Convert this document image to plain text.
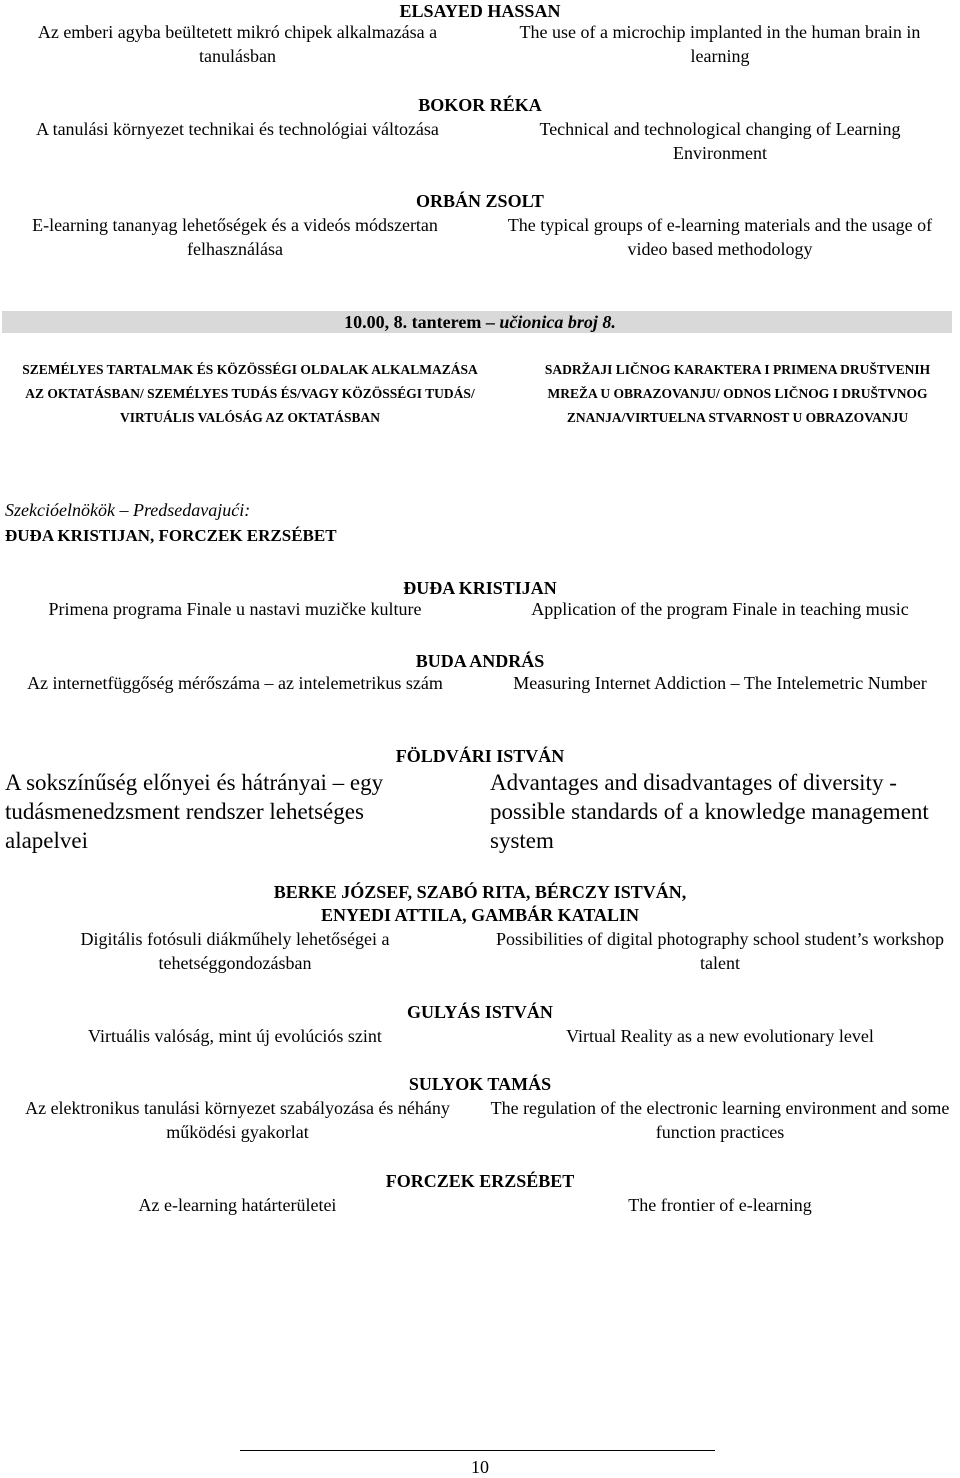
ELSAYED HASSAN
Az emberi agyba beültetett mikró chipek alkalmazása a tanulásban
The use of a microchip implanted in the human brain in learning
BOKOR RÉKA
A tanulási környezet technikai és technológiai változása	Technical and technological changing of Learning Environment
ORBÁN ZSOLT
E-learning tananyag lehetőségek és a videós módszertan felhasználása
The typical groups of e-learning materials and the usage of video based methodology
10.00, 8. tanterem – učionica broj 8.
SZEMÉLYES TARTALMAK ÉS KÖZÖSSÉGI OLDALAK ALKALMAZÁSA AZ OKTATÁSBAN/ SZEMÉLYES TUDÁS ÉS/VAGY KÖZÖSSÉGI TUDÁS/ VIRTUÁLIS VALÓSÁG AZ OKTATÁSBAN
SADRŽAJI LIČNOG KARAKTERA I PRIMENA DRUŠTVENIH MREŽA U OBRAZOVANJU/ ODNOS LIČNOG I DRUŠTVNOG ZNANJA/VIRTUELNA STVARNOST U OBRAZOVANJU
Szekcióelnökök – Predsedavajući:
ĐUĐA KRISTIJAN, FORCZEK ERZSÉBET
ĐUĐA KRISTIJAN
Primena programa Finale u nastavi muzičke kulture	Application of the program Finale in teaching music
BUDA ANDRÁS
Az internetfüggőség mérőszáma – az intelemetrikus szám	Measuring Internet Addiction – The Intelemetric Number
FÖLDVÁRI ISTVÁN
A sokszínűség előnyei és hátrányai – egy tudásmenedzsment rendszer lehetséges alapelvei
Advantages and disadvantages of diversity - possible standards of a knowledge management system
BERKE JÓZSEF, SZABÓ RITA, BÉRCZY ISTVÁN,
ENYEDI ATTILA, GAMBÁR KATALIN
Digitális fotósuli diákműhely lehetőségei a tehetséggondozásban
Possibilities of digital photography school student’s workshop talent
GULYÁS ISTVÁN
Virtuális valóság, mint új evolúciós szint	Virtual Reality as a new evolutionary level
SULYOK TAMÁS
Az elektronikus tanulási környezet szabályozása és néhány működési gyakorlat
The regulation of the electronic learning environment and some function practices
FORCZEK ERZSÉBET
Az e-learning határterületei	The frontier of e-learning
10
